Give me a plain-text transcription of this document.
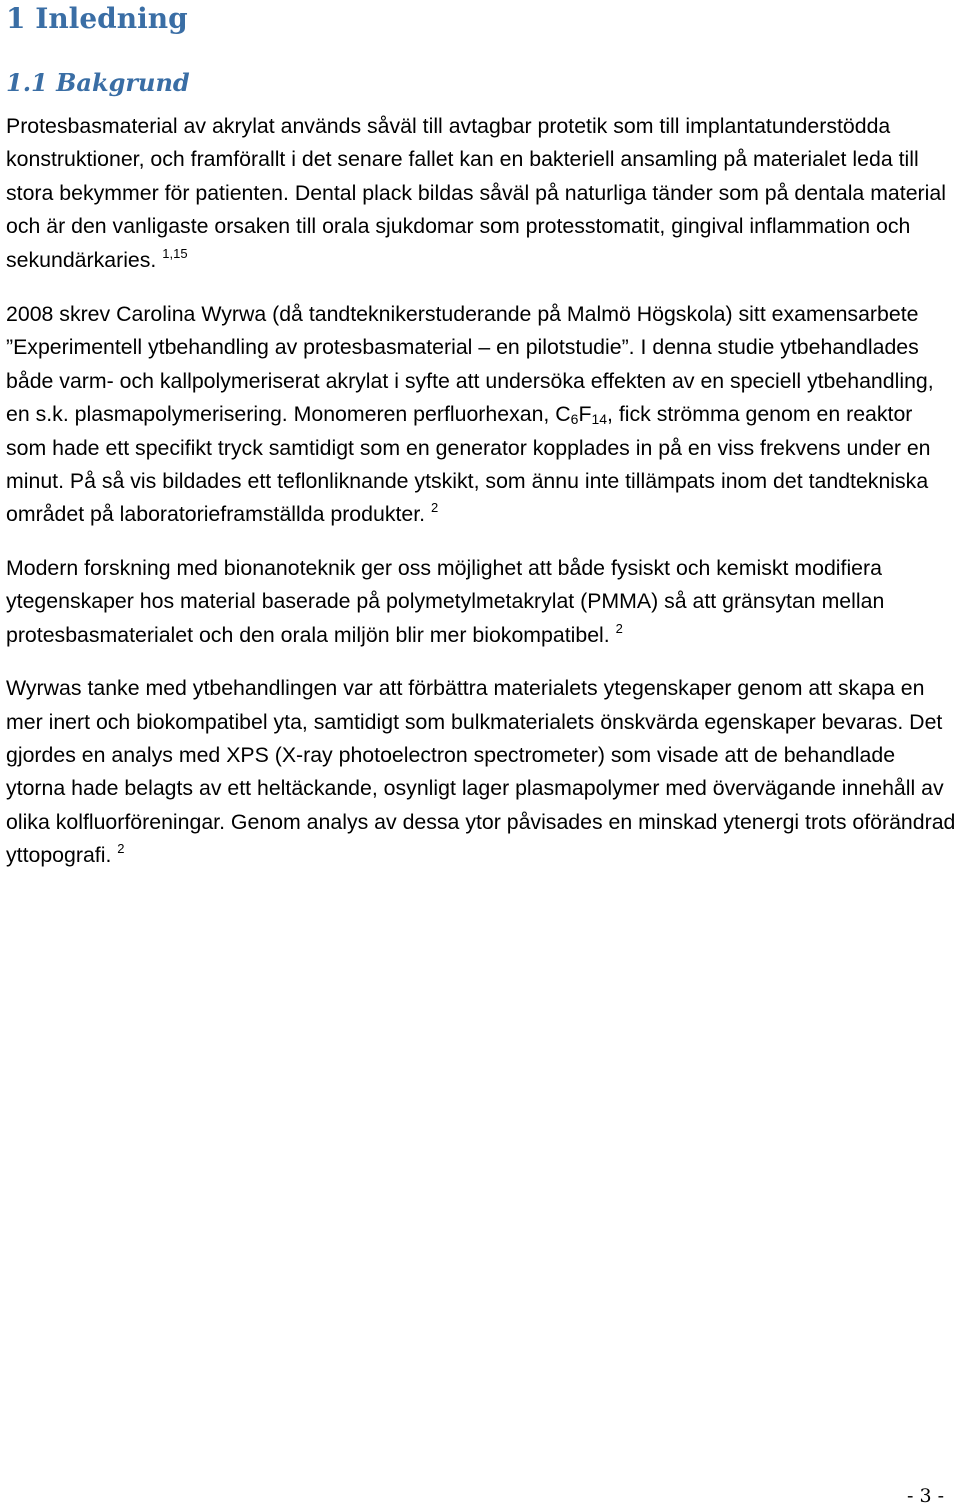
1 Inledning
1.1 Bakgrund

Protesbasmaterial av akrylat används såväl till avtagbar protetik som till implantatunderstödda konstruktioner, och framförallt i det senare fallet kan en bakteriell ansamling på materialet leda till stora bekymmer för patienten. Dental plack bildas såväl på naturliga tänder som på dentala material och är den vanligaste orsaken till orala sjukdomar som protesstomatit, gingival inflammation och sekundärkaries. $^{1,15}$

2008 skrev Carolina Wyrwa (då tandteknikerstuderande på Malmö Högskola) sitt examensarbete ”Experimentell ytbehandling av protesbasmaterial – en pilotstudie”. I denna studie ytbehandlades både varm- och kallpolymeriserat akrylat i syfte att undersöka effekten av en speciell ytbehandling, en s.k. plasmapolymerisering. Monomeren perfluorhexan, $C_6F_{14}$, fick strömma genom en reaktor som hade ett specifikt tryck samtidigt som en generator kopplades in på en viss frekvens under en minut. På så vis bildades ett teflonliknande ytskikt, som ännu inte tillämpats inom det tandtekniska området på laboratorieframställda produkter. $^2$

Modern forskning med bionanoteknik ger oss möjlighet att både fysiskt och kemiskt modifiera ytegenskaper hos material baserade på polymetylmetakrylat (PMMA) så att gränsytan mellan protesbasmaterialet och den orala miljön blir mer biokompatibel. $^2$

Wyrwas tanke med ytbehandlingen var att förbättra materialets ytegenskaper genom att skapa en mer inert och biokompatibel yta, samtidigt som bulkmaterialets önskvärda egenskaper bevaras. Det gjordes en analys med XPS (X-ray photoelectron spectrometer) som visade att de behandlade ytorna hade belagts av ett heltäckande, osynligt lager plasmapolymer med övervägande innehåll av olika kolfluorföreningar. Genom analys av dessa ytor påvisades en minskad ytenergi trots oförändrad yttopografi. $^2$

- 3 -
